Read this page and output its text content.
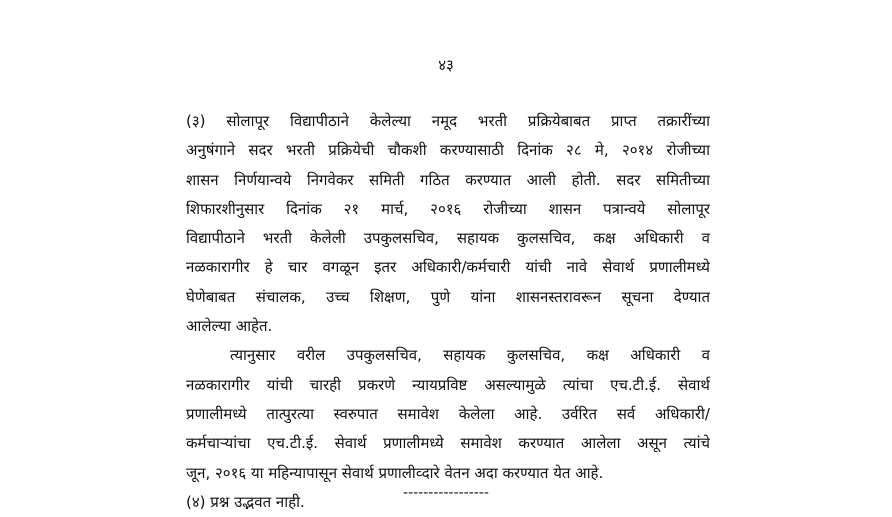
४३
(३) सोलापूर विद्यापीठाने केलेल्या नमूद भरती प्रक्रियेबाबत प्राप्त तक्रारींच्या
अनुषंगाने सदर भरती प्रक्रियेची चौकशी करण्यासाठी दिनांक २८ मे, २०१४ रोजीच्या
शासन निर्णयान्वये निगवेकर समिती गठित करण्यात आली होती. सदर समितीच्या
शिफारशीनुसार दिनांक २१ मार्च, २०१६ रोजीच्या शासन पत्रान्वये सोलापूर
विद्यापीठाने भरती केलेली उपकुलसचिव, सहायक कुलसचिव, कक्ष अधिकारी व
नळकारागीर हे चार वगळून इतर अधिकारी/कर्मचारी यांची नावे सेवार्थ प्रणालीमध्ये
घेणेबाबत संचालक, उच्च शिक्षण, पुणे यांना शासनस्तरावरून सूचना देण्यात
आलेल्या आहेत.
त्यानुसार वरील उपकुलसचिव, सहायक कुलसचिव, कक्ष अधिकारी व
नळकारागीर यांची चारही प्रकरणे न्यायप्रविष्ट असल्यामुळे त्यांचा एच.टी.ई. सेवार्थ
प्रणालीमध्ये तात्पुरत्या स्वरुपात समावेश केलेला आहे. उर्वरित सर्व अधिकारी/
कर्मचाऱ्यांचा एच.टी.ई. सेवार्थ प्रणालीमध्ये समावेश करण्यात आलेला असून त्यांचे
जून, २०१६ या महिन्यापासून सेवार्थ प्रणालीव्दारे वेतन अदा करण्यात येत आहे.
(४) प्रश्न उद्भवत नाही.	-----------------
